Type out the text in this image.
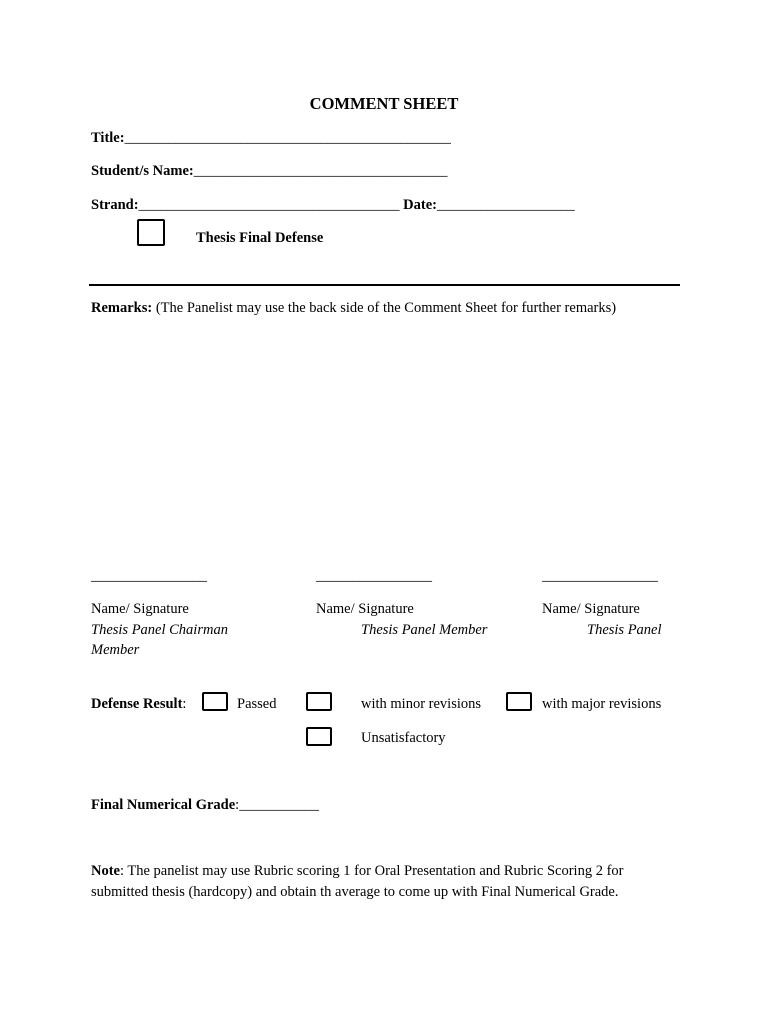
COMMENT SHEET
Title:_____________________________________________
Student/s Name:___________________________________
Strand:____________________________________ Date:___________________
Thesis Final Defense
Remarks: (The Panelist may use the back side of the Comment Sheet for further remarks)
________________
Name/ Signature
Thesis Panel Chairman
Member
________________
Name/ Signature
Thesis Panel Member
________________
Name/ Signature
Thesis Panel
Defense Result:	Passed	with minor revisions	with major revisions
Unsatisfactory
Final Numerical Grade:___________
Note: The panelist may use Rubric scoring 1 for Oral Presentation and Rubric Scoring 2 for submitted thesis (hardcopy) and obtain th average to come up with Final Numerical Grade.
